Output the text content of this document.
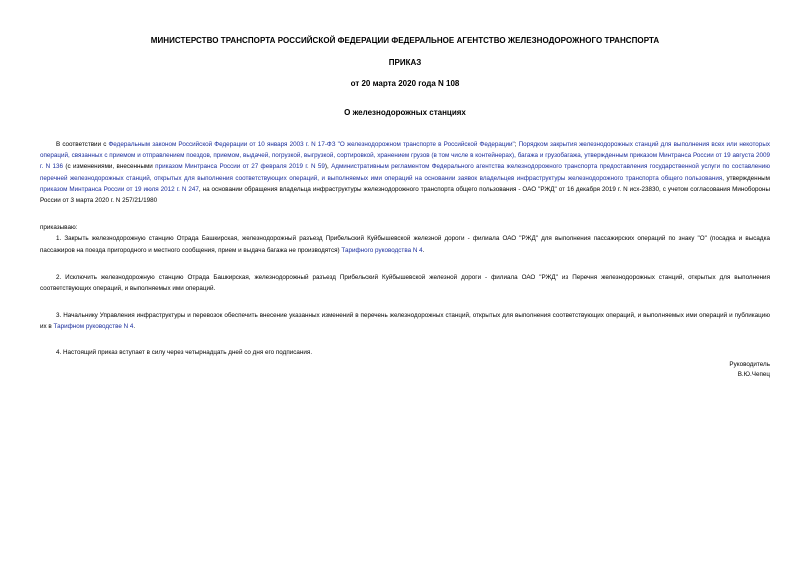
МИНИСТЕРСТВО ТРАНСПОРТА РОССИЙСКОЙ ФЕДЕРАЦИИ ФЕДЕРАЛЬНОЕ АГЕНТСТВО ЖЕЛЕЗНОДОРОЖНОГО ТРАНСПОРТА
ПРИКАЗ
от 20 марта 2020 года N 108
О железнодорожных станциях

В соответствии с Федеральным законом Российской Федерации от 10 января 2003 г. N 17-ФЗ "О железнодорожном транспорте в Российской Федерации"; Порядком закрытия железнодорожных станций для выполнения всех или некоторых операций, связанных с приемом и отправлением поездов, приемом, выдачей, погрузкой, выгрузкой, сортировкой, хранением грузов (в том числе в контейнерах), багажа и грузобагажа, утвержденным приказом Минтранса России от 19 августа 2009 г. N 136 (с изменениями, внесенными приказом Минтранса России от 27 февраля 2019 г. N 59), Административным регламентом Федерального агентства железнодорожного транспорта предоставления государственной услуги по составлению перечней железнодорожных станций, открытых для выполнения соответствующих операций, и выполняемых ими операций на основании заявок владельцев инфраструктуры железнодорожного транспорта общего пользования, утвержденным приказом Минтранса России от 19 июля 2012 г. N 247, на основании обращения владельца инфраструктуры железнодорожного транспорта общего пользования - ОАО "РЖД" от 16 декабря 2019 г. N исх-23830, с учетом согласования Минобороны России от 3 марта 2020 г. N 257/21/1980

приказываю:

1. Закрыть железнодорожную станцию Отрада Башкирская, железнодорожный разъезд Прибельский Куйбышевской железной дороги - филиала ОАО "РЖД" для выполнения пассажирских операций по знаку "О" (посадка и высадка пассажиров на поезда пригородного и местного сообщения, прием и выдача багажа не производятся) Тарифного руководства N 4.

2. Исключить железнодорожную станцию Отрада Башкирская, железнодорожный разъезд Прибельский Куйбышевской железной дороги - филиала ОАО "РЖД" из Перечня железнодорожных станций, открытых для выполнения соответствующих операций, и выполняемых ими операций.

3. Начальнику Управления инфраструктуры и перевозок обеспечить внесение указанных изменений в перечень железнодорожных станций, открытых для выполнения соответствующих операций, и выполняемых ими операций и публикацию их в Тарифном руководстве N 4.

4. Настоящий приказ вступает в силу через четырнадцать дней со дня его подписания.

Руководитель
В.Ю.Чепец
